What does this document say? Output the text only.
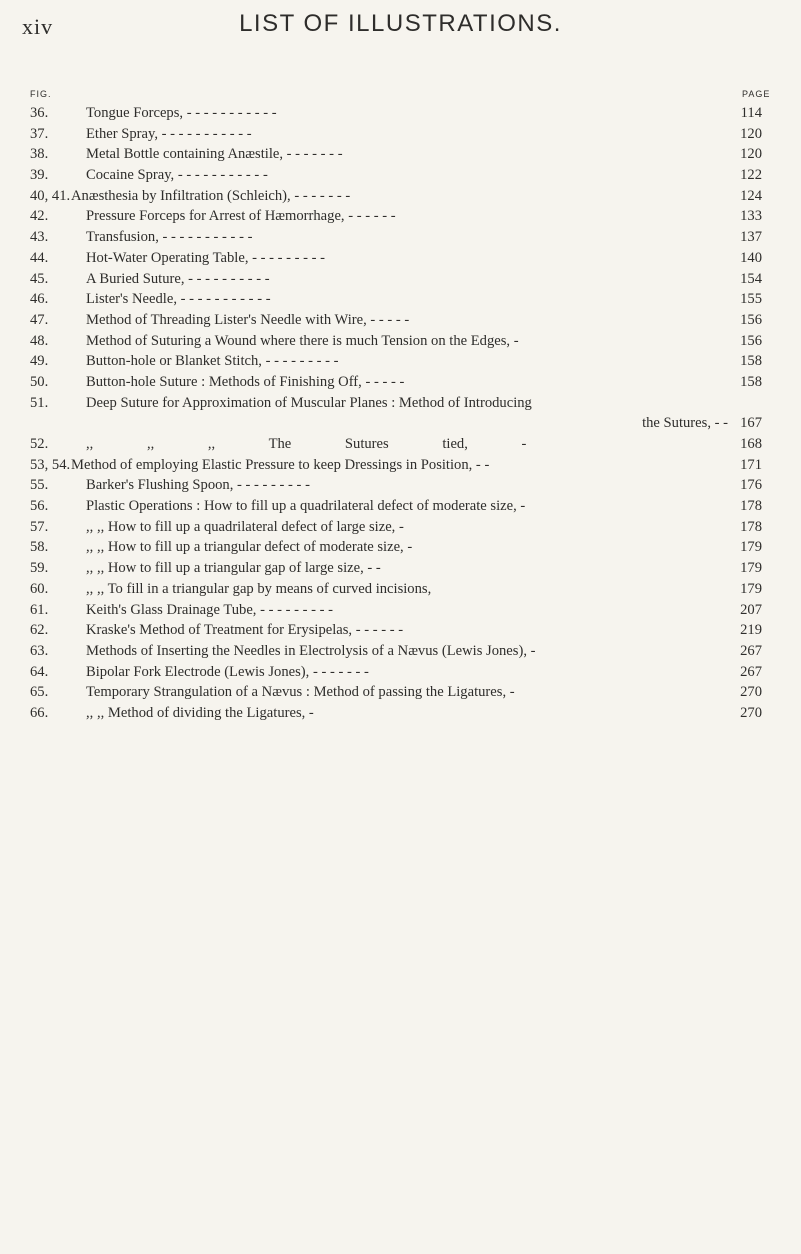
xiv	LIST OF ILLUSTRATIONS.
FIG.	PAGE
36.	Tongue Forceps, - - - - - - - - - - -	114
37.	Ether Spray, - - - - - - - - - - -	120
38.	Metal Bottle containing Anæstile, - - - - - - -	120
39.	Cocaine Spray, - - - - - - - - - - -	122
40, 41. Anæsthesia by Infiltration (Schleich), - - - - - - -	124
42.	Pressure Forceps for Arrest of Hæmorrhage, - - - - - -	133
43.	Transfusion, - - - - - - - - - - -	137
44.	Hot-Water Operating Table, - - - - - - - - -	140
45.	A Buried Suture, - - - - - - - - - -	154
46.	Lister's Needle, - - - - - - - - - - -	155
47.	Method of Threading Lister's Needle with Wire, - - - - -	156
48.	Method of Suturing a Wound where there is much Tension on the Edges, -	156
49.	Button-hole or Blanket Stitch, - - - - - - - - -	158
50.	Button-hole Suture : Methods of Finishing Off, - - - - -	158
51.	Deep Suture for Approximation of Muscular Planes : Method of Introducing
the Sutures, - - 167
52.	,, ,, ,, The Sutures tied, -	168
53, 54. Method of employing Elastic Pressure to keep Dressings in Position, - -	171
55.	Barker's Flushing Spoon, - - - - - - - - -	176
56.	Plastic Operations : How to fill up a quadrilateral defect of moderate size, -	178
57.	,, ,, How to fill up a quadrilateral defect of large size, -	178
58.	,, ,, How to fill up a triangular defect of moderate size, -	179
59.	,, ,, How to fill up a triangular gap of large size, - -	179
60.	,, ,, To fill in a triangular gap by means of curved incisions,	179
61.	Keith's Glass Drainage Tube, - - - - - - - - -	207
62.	Kraske's Method of Treatment for Erysipelas, - - - - - -	219
63.	Methods of Inserting the Needles in Electrolysis of a Nævus (Lewis Jones), -	267
64.	Bipolar Fork Electrode (Lewis Jones), - - - - - - -	267
65.	Temporary Strangulation of a Nævus : Method of passing the Ligatures, -	270
66.	,, ,, Method of dividing the Ligatures, -	270
